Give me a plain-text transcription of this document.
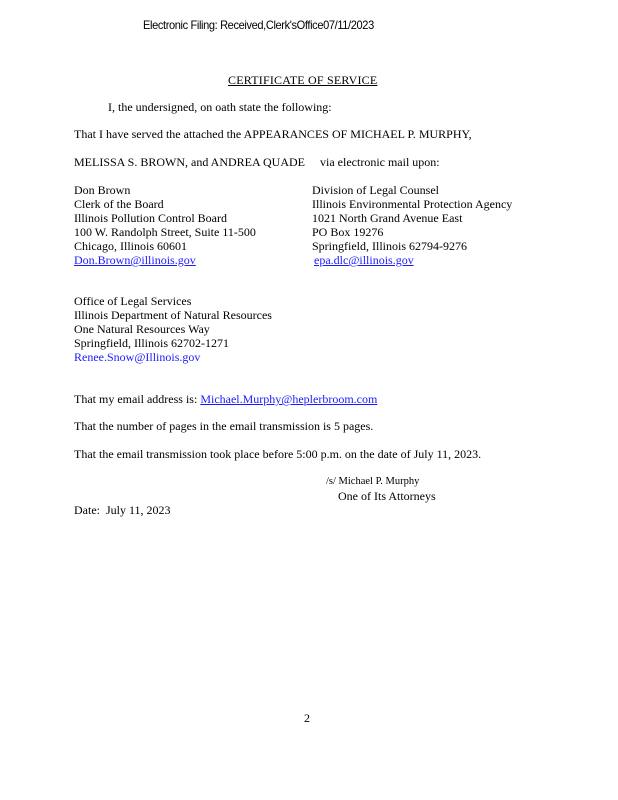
Electronic Filing: Received,Clerk'sOffice07/11/2023
CERTIFICATE OF SERVICE
I, the undersigned, on oath state the following:
That I have served the attached the APPEARANCES OF MICHAEL P. MURPHY,
MELISSA S. BROWN, and ANDREA QUADE     via electronic mail upon:
Don Brown
Clerk of the Board
Illinois Pollution Control Board
100 W. Randolph Street, Suite 11-500
Chicago, Illinois 60601
Don.Brown@illinois.gov
Division of Legal Counsel
Illinois Environmental Protection Agency
1021 North Grand Avenue East
PO Box 19276
Springfield, Illinois 62794-9276
epa.dlc@illinois.gov
Office of Legal Services
Illinois Department of Natural Resources
One Natural Resources Way
Springfield, Illinois 62702-1271
Renee.Snow@Illinois.gov
That my email address is: Michael.Murphy@heplerbroom.com
That the number of pages in the email transmission is 5 pages.
That the email transmission took place before 5:00 p.m. on the date of July 11, 2023.
/s/ Michael P. Murphy
One of Its Attorneys
Date:  July 11, 2023
2
